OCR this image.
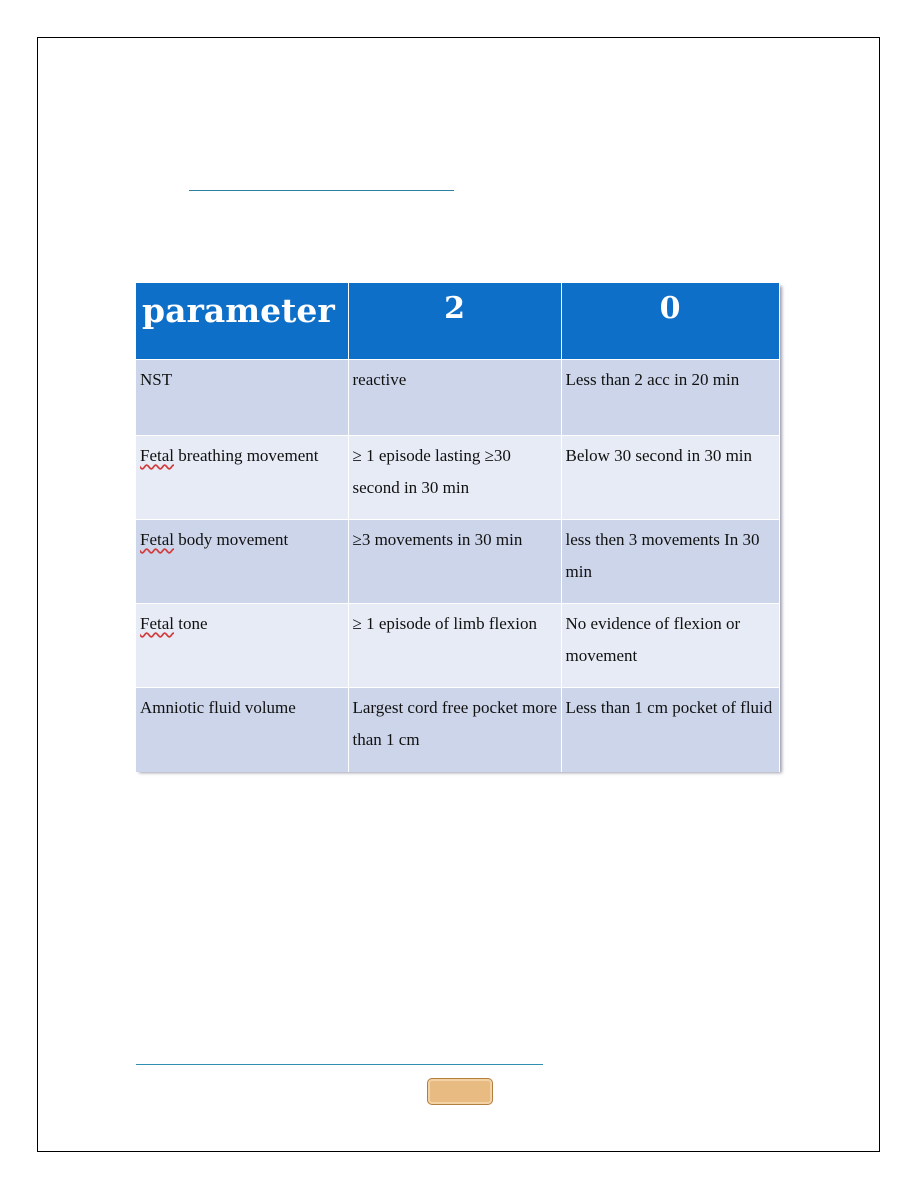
parameter	2	0

NST	reactive	Less than 2 acc in 20 min
Fetal breathing movement	≥ 1 episode lasting ≥30 second in 30 min	Below 30 second in 30 min
Fetal body movement	≥3 movements in 30 min	less then 3 movements In 30 min
Fetal tone	≥ 1 episode of limb flexion	No evidence of flexion or movement
Amniotic fluid volume	Largest cord free pocket more than 1 cm	Less than 1 cm pocket of fluid
